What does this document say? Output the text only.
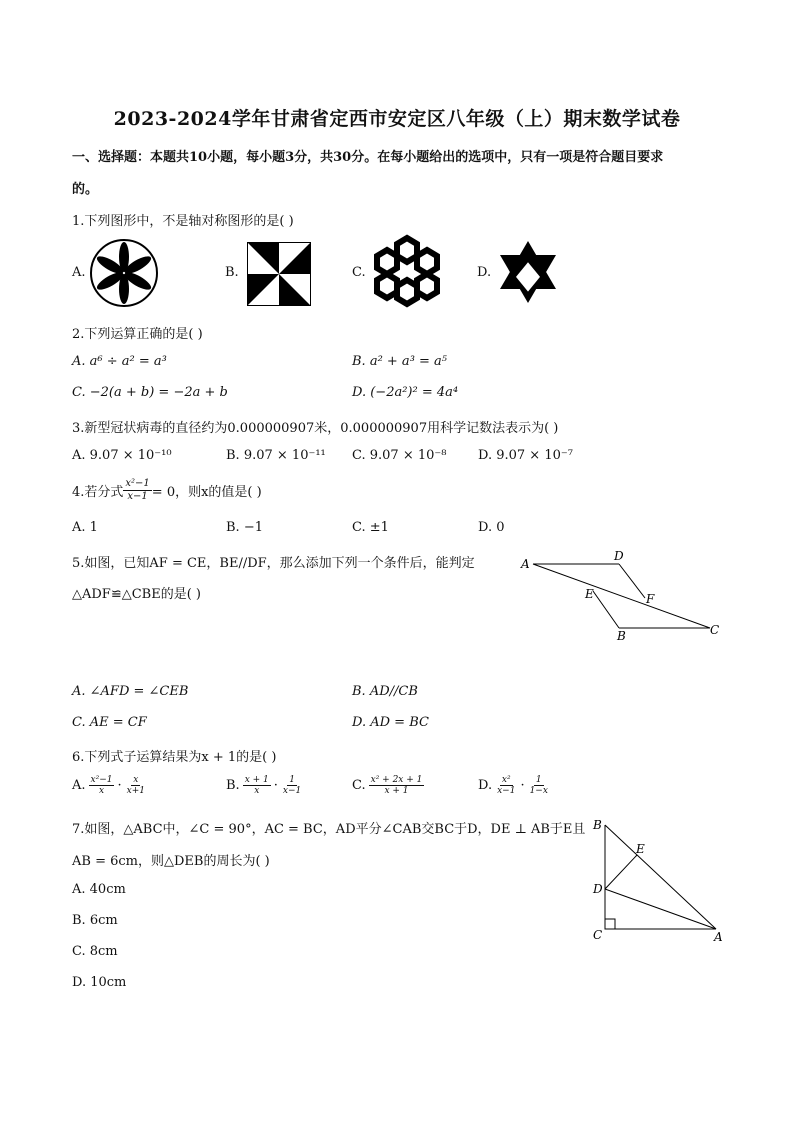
2023-2024学年甘肃省定西市安定区八年级（上）期末数学试卷
一、选择题：本题共10小题，每小题3分，共30分。在每小题给出的选项中，只有一项是符合题目要求
的。
1.下列图形中，不是轴对称图形的是( )
A.	B.	C.	D.
2.下列运算正确的是( )
A. a⁶ ÷ a² = a³	B. a² + a³ = a⁵
C. −2(a + b) = −2a + b	D. (−2a²)² = 4a⁴
3.新型冠状病毒的直径约为0.000000907米，0.000000907用科学记数法表示为( )
A. 9.07 × 10⁻¹⁰	B. 9.07 × 10⁻¹¹ C. 9.07 × 10⁻⁸ D. 9.07 × 10⁻⁷
4.若分式 $\frac{\text{x²−1}}{x-1} = 0$，则x的值是( )
A. 1	B. −1	C. ±1	D. 0
5.如图，已知AF = CE，BE//DF，那么添加下列一个条件后，能判定
△ADF≌△CBE的是( )
A
D
E	F
B	C
A. ∠AFD = ∠CEB	B. AD//CB
C. AE = CF	D. AD = BC
6.下列式子运算结果为x + 1的是( )
A. $\frac{\text{x²−1}}{x} \cdot \frac{x}{x+1}$	B. $\frac{x + 1}{x} \cdot \frac{1}{x-1}$	C. $\frac{\text{x² + 2x + 1}}{x + 1}$	D. $\frac{\text{x²}}{x-1} \cdot \frac{1}{1-x}$
7.如图，△ABC中，∠C = 90°，AC = BC，AD平分∠CAB交BC于D，DE ⊥ AB于E且
AB = 6cm，则△DEB的周长为( )
B
E
D
C	A
A. 40cm
B. 6cm
C. 8cm
D. 10cm
